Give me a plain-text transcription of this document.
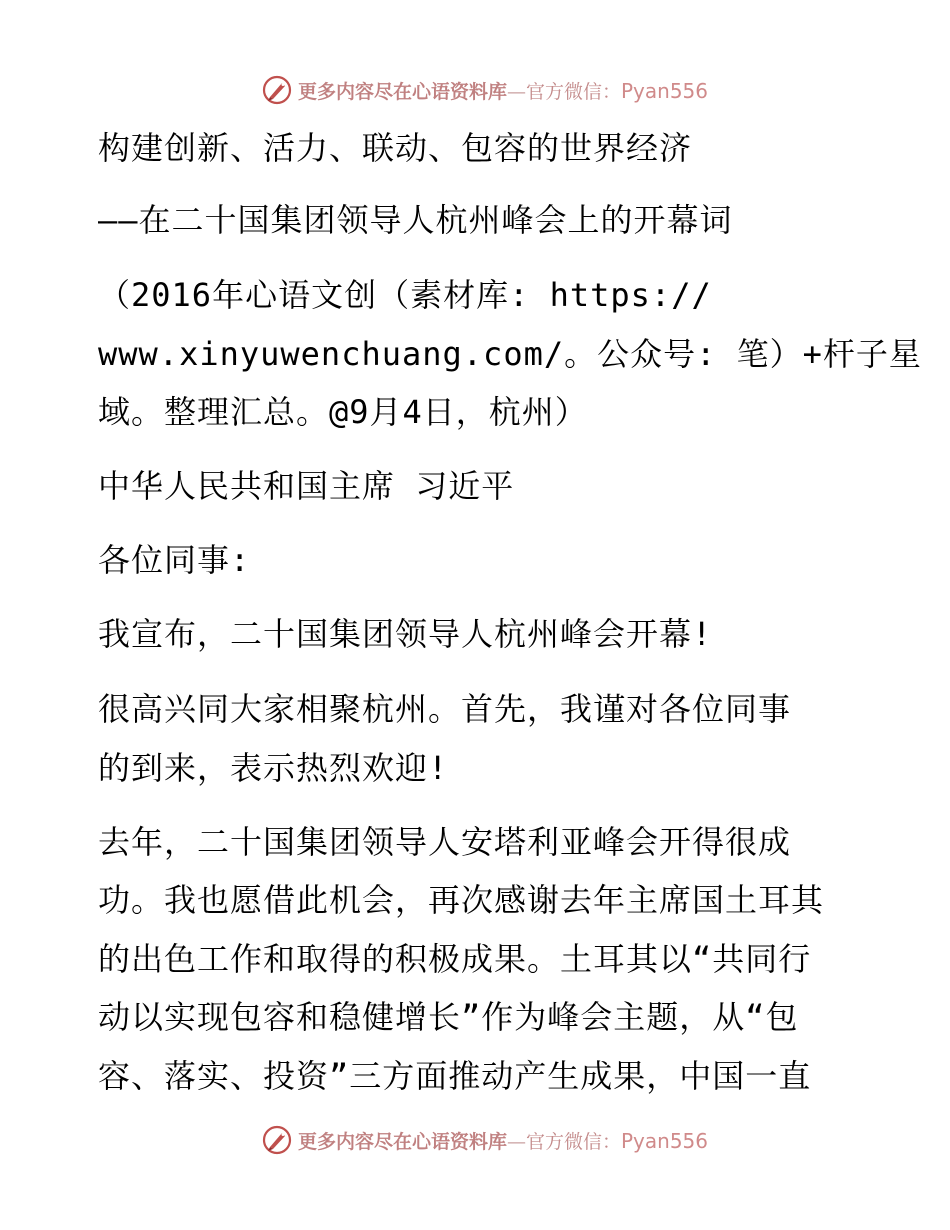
更多内容尽在心语资料库—官方微信：Pyan556
构建创新、活力、联动、包容的世界经济
——在二十国集团领导人杭州峰会上的开幕词
（2016年心语文创（素材库: https://
www.xinyuwenchuang.com/。公众号: 笔）+杆子星
域。整理汇总。@9月4日，杭州）
中华人民共和国主席 习近平
各位同事:
我宣布，二十国集团领导人杭州峰会开幕!
很高兴同大家相聚杭州。首先，我谨对各位同事
的到来，表示热烈欢迎!
去年，二十国集团领导人安塔利亚峰会开得很成
功。我也愿借此机会，再次感谢去年主席国土耳其
的出色工作和取得的积极成果。土耳其以“共同行
动以实现包容和稳健增长”作为峰会主题，从“包
容、落实、投资”三方面推动产生成果，中国一直
更多内容尽在心语资料库—官方微信：Pyan556
